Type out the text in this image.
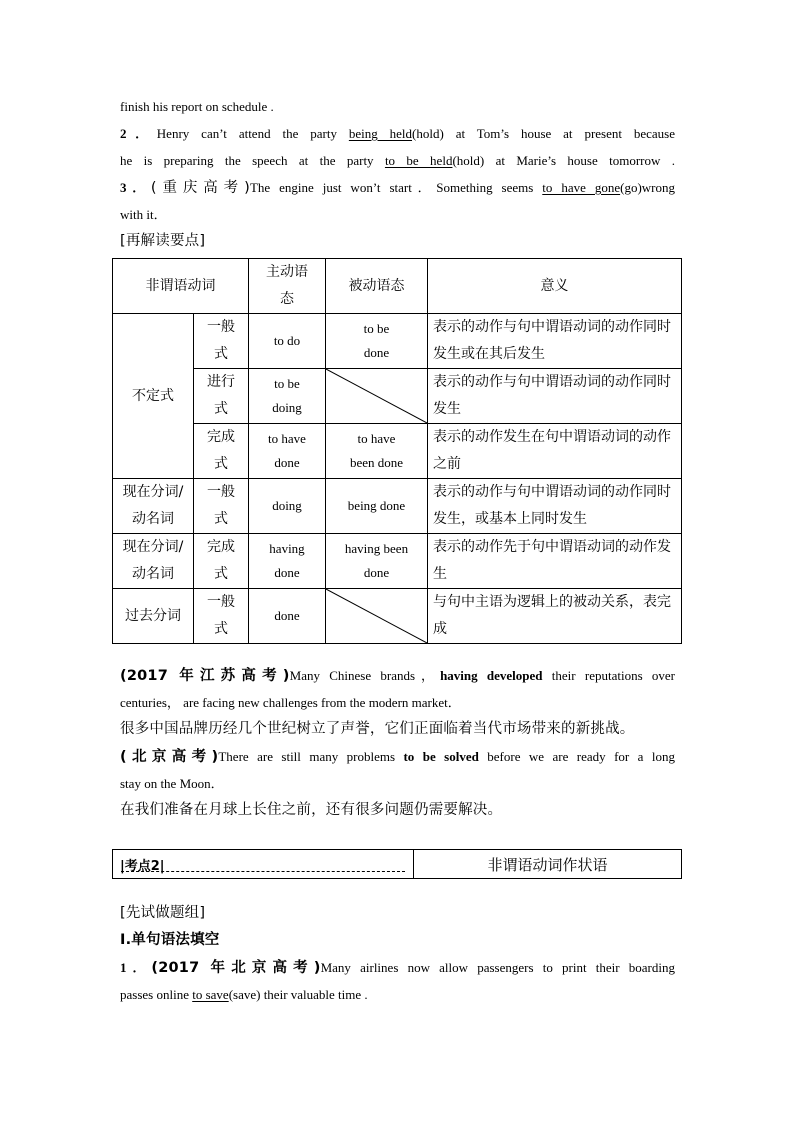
finish his report on schedule .
2．Henry can’t attend the party being held(hold) at Tom’s house at present because
he is preparing the speech at the party to be held(hold) at Marie’s house tomorrow .
3．(重庆高考)The engine just won’t start．Something seems to have gone(go)wrong
with it．
[再解读要点]
非谓语动词		主动语态	被动语态	意义
不定式	一般式	to do	to be done	表示的动作与句中谓语动词的动作同时发生或在其后发生
	进行式	to be doing		表示的动作与句中谓语动词的动作同时发生
	完成式	to have done	to have been done	表示的动作发生在句中谓语动词的动作之前
现在分词/动名词	一般式	doing	being done	表示的动作与句中谓语动词的动作同时发生，或基本上同时发生
现在分词/动名词	完成式	having done	having been done	表示的动作先于句中谓语动词的动作发生
过去分词	一般式	done		与句中主语为逻辑上的被动关系，表完成
(2017 年江苏高考)Many Chinese brands，having developed their reputations over
centuries， are facing new challenges from the modern market．
很多中国品牌历经几个世纪树立了声誉，它们正面临着当代市场带来的新挑战。
(北京高考)There are still many problems to be solved before we are ready for a long
stay on the Moon．
在我们准备在月球上长住之前，还有很多问题仍需要解决。
|考点2|	非谓语动词作状语
[先试做题组]
Ⅰ.单句语法填空
1．(2017 年北京高考)Many airlines now allow passengers to print their boarding
passes online to save(save) their valuable time .
